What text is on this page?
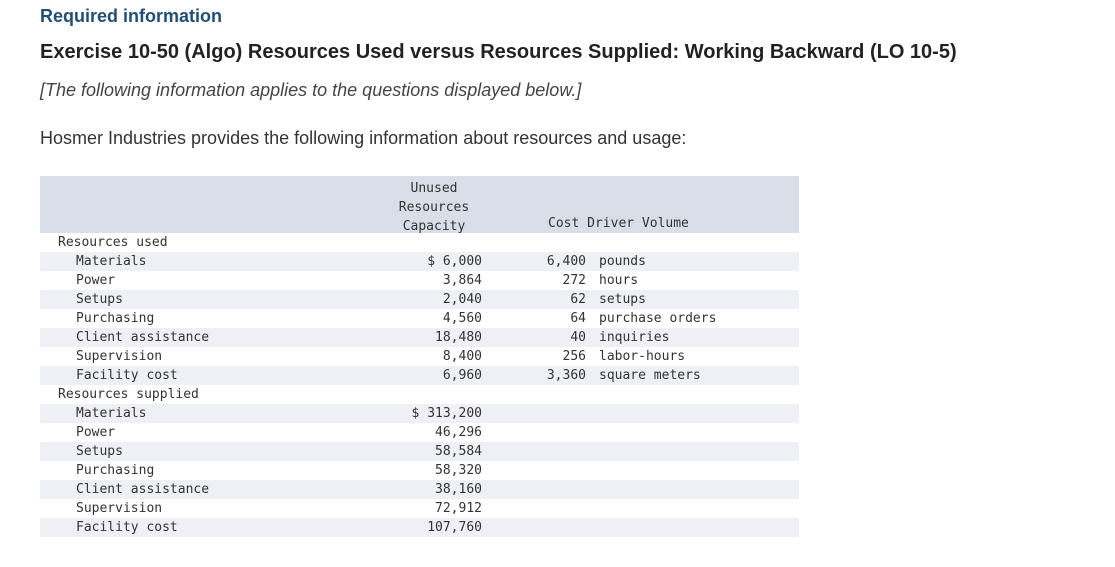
Required information
Exercise 10-50 (Algo) Resources Used versus Resources Supplied: Working Backward (LO 10-5)
[The following information applies to the questions displayed below.]
Hosmer Industries provides the following information about resources and usage:
Unused
Resources
Capacity	Cost Driver Volume
Resources used
Materials	$ 6,000	6,400 pounds
Power	3,864	272 hours
Setups	2,040	62 setups
Purchasing	4,560	64 purchase orders
Client assistance	18,480	40 inquiries
Supervision	8,400	256 labor-hours
Facility cost	6,960	3,360 square meters
Resources supplied
Materials	$ 313,200
Power	46,296
Setups	58,584
Purchasing	58,320
Client assistance	38,160
Supervision	72,912
Facility cost	107,760
